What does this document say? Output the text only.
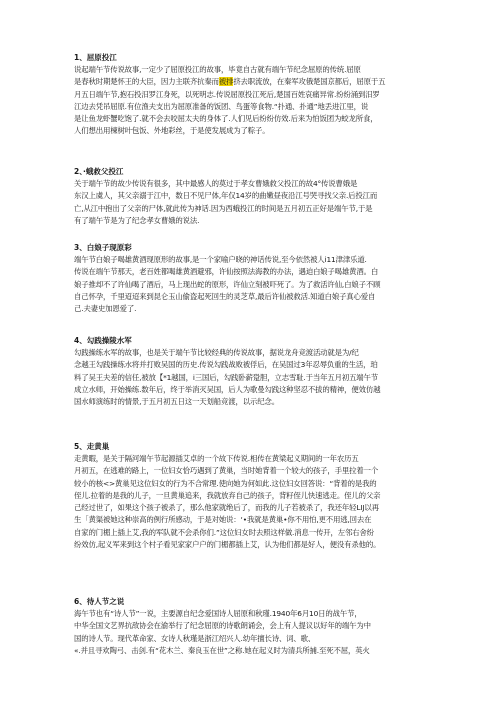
1、屈原投江
说起端午节传说故事,一定少了屈原投江的故事，毕竟自古就有端午节纪念屈原的传统.屈原
是春秋时期楚怀王的大臣，因力主联齐抗秦而被排挤去职流放，在秦军攻俄楚国京都后，屈原于五
月五日端午节,抱石投汨罗江身死，以死明志.传说屈原投江死后,楚国百姓哀痛异常.纷纷涌到汨罗
江边去凭吊屈原.有位渔夫支出为屈原准备的饭团、鸟蛋等食物.“扑通、扑通”地丢进江里，说
是让鱼龙虾蟹吃饱了.就不会去咬屈太夫的身体了.人们见后纷纷仿效.后来为怕饭团为蛟龙所食，
人们想出用楝树叶包饭、外地彩丝，于是使发展成为了粽子。
2、·蛾救父投江
关于端午节的故少传说有很多，其中最感人的莫过于孝女曹娥救父投江的故4°传说曹娥是
东汉上虞人，其父亲溺于江中，数日不见尸体,年仅14岁的曲嫩昼夜沿江号哭寻找父亲.后投江而
亡,从江中抱出了父亲的尸体,就此传为神话.因为西蛾投江的时间是五月初五正好是端午节,于是
有了端午节是为了纪念孝女曹娥的说法.
3、白娘子现原彩
端午节白娘子喝雄黄酒现原形的故事,是一个家喻户晓的神话传说,至今依然被人i11津津乐道.
传说在端午节那天，老百姓都喝雄黄酒避邪，许仙按照法海教的办法，遇迫白娘子喝雄黄酒。白
娘子推却不了许仙喝了酒后，马上现出蛇的原形，许仙立刻被吓死了。为了救活许仙,白娘子不顾
自己怀孕，千里迢迢来到昆仑玉山偷盗起死回生的灵芝草,最后许仙被救活.知道白娘子真心爱自
己.夫妻史加恩爱了.
4、勾践操陵水军
勾践操练水军的故事，也是关于端午节比较经典的传说故事，据说龙舟竞渡活动就是为/纪
念越王勾践操练水将并打败吴国的历史.传说勾践战败被俘后，在吴国过3年忍辱负重的生活，珀
料了吴王夫差的信任,被放【*1越国，i三国后，勾践卧薪跫胆，立志雪耻.于当年五月初五端午节
成立水师，开始操练.数年后，终于举消灭吴国，后人为歌曼勾践这种坚忍不拔的精神，便效仿越
国水师演练时的情景,于五月初五日这一天划船竞渡，以示纪念。
5、走黄巢
走黄暇，是关于隔河端午节起源插艾卓的一个故下传说.相传在黄梁起义期间的一年农历五
月初五，在逃难的路上，一位妇女恰巧遇到了黄巢，当时她背着一个较大的孩子，手里拉着一个
较小的核<>黄巢见这位妇女的行为不合常理.使向她为何如此.这位妇女回答说：“背着的是我的
侄儿.拉着的是我的儿子，一旦黄巢追来，我就放弃自己的孩子，背籽侄儿快速逃走。侄儿的父亲
己经过世了，如果这个孩子被杀了，那么他家就绝后了，而我的儿子若被杀了，我还年轻LIJ以再
生「黄渠被她这种崇高的例行所感动，于是对她说：‘•我就是黄巢•你不用怕,更不用逃,回去在
自家的门楣上插上艾,我的军队就不会杀你们.”这位妇女时去照这样做.消息一传开，左邻右舍纷
纷效仿,起义军来到这个村子看见家家户户的门楣都插上艾，认为他们都是好人，便没有杀他的。
6、待人节之说
海午节也有“诗人节”一说，主要源自纪念爱国诗人屈原和秋瑾.1940年6月10日的战午节，
中华全国文艺界抗敌协会在渝举行了纪念屈原的诗歌朗诵会，会上有人提议以好年的端午为中
国的诗人节。现代革命家、女诗人秋瑾是浙江绍兴人.幼年擅长诗、词、歌、
«.并且寻欢陶弓、击剑.有“花木兰、秦良玉在世”之称.她在起义时为清兵所捕.至死不屈，英火
